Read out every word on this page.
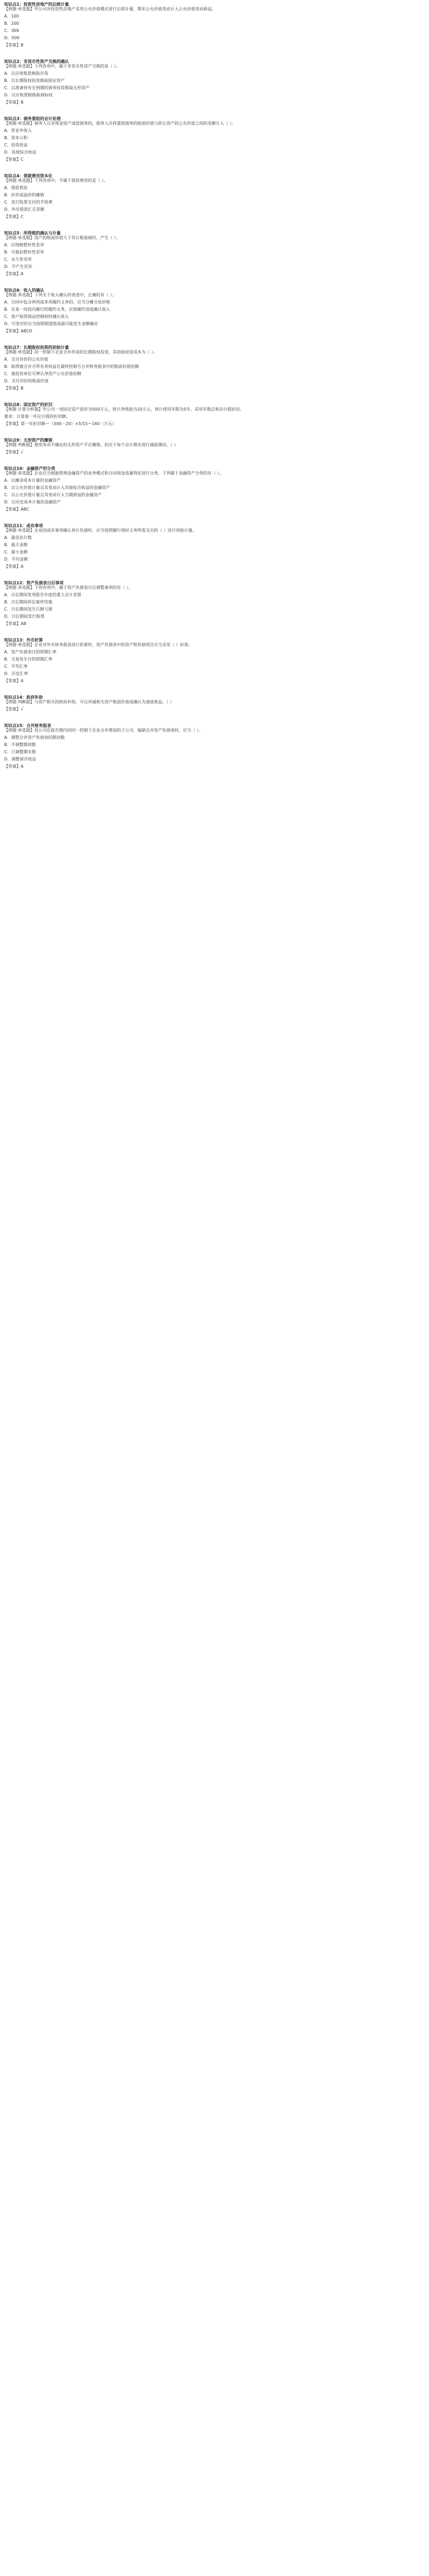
知识点1：投资性房地产的后续计量

【例题·单选题】甲公司对投资性房地产采用公允价值模式进行后续计量，期末公允价值变动计入公允价值变动损益。

A．100

B．200

C．300

D．500

【答案】B

知识点2：非货币性资产交换的确认

【例题·单选题】下列各项中，属于非货币性资产交换的是（ ）。

A．以应收账款换取存货

B．以长期股权投资换取固定资产

C．以准备持有至到期的债券投资换取无形资产

D．以应收票据换取商标权

【答案】B

知识点3：债务重组的会计处理

【例题·单选题】债务人以非现金资产清偿债务的，债务人应将重组债务的账面价值与转让资产的公允价值之间的差额计入（ ）。

A．营业外收入

B．资本公积

C．投资收益

D．其他综合收益

【答案】C

知识点4：借款费用资本化

【例题·单选题】下列各项中，不属于借款费用的是（ ）。

A．借款利息

B．折价或溢价的摊销

C．发行股票支付的手续费

D．外币借款汇兑差额

【答案】C

知识点5：所得税的确认与计量

【例题·单选题】资产的账面价值大于其计税基础时，产生（ ）。

A．应纳税暂时性差异

B．可抵扣暂时性差异

C．永久性差异

D．不产生差异

【答案】A

知识点6：收入的确认

【例题·多选题】下列关于收入确认的表述中，正确的有（ ）。

A．合同中包含两项或多项履约义务的，应当分摊交易价格

B．在某一时段内履行的履约义务，应按履约进度确认收入

C．客户取得商品控制权时确认收入

D．可变对价应当按照期望值或最可能发生金额确定

【答案】ABCD

知识点7：长期股权投资的初始计量

【例题·单选题】同一控制下企业合并形成的长期股权投资，其初始投资成本为（ ）。

A．支付对价的公允价值

B．取得被合并方所有者权益在最终控制方合并财务报表中的账面价值份额

C．被投资单位可辨认净资产公允价值份额

D．支付对价的账面价值

【答案】B

知识点8：固定资产的折旧

【例题·计算分析题】甲公司一项固定资产原价为500万元，预计净残值为20万元，预计使用年限为5年，采用年数总和法计提折旧。

要求：计算第一年应计提的折旧额。

【答案】第一年折旧额＝（500－20）×5/15＝160（万元）

知识点9：无形资产的摊销

【例题·判断题】使用寿命不确定的无形资产不应摊销，但应于每个会计期末进行减值测试。（ ）

【答案】√

知识点10：金融资产的分类

【例题·多选题】企业应当根据管理金融资产的业务模式和合同现金流量特征进行分类，下列属于金融资产分类的有（ ）。

A．以摊余成本计量的金融资产

B．以公允价值计量且其变动计入其他综合收益的金融资产

C．以公允价值计量且其变动计入当期损益的金融资产

D．以历史成本计量的金融资产

【答案】ABC

知识点11：或有事项

【例题·单选题】企业因或有事项确认预计负债时，应当按照履行现时义务所需支出的（ ）进行初始计量。

A．最佳估计数

B．最大金额

C．最小金额

D．平均金额

【答案】A

知识点12：资产负债表日后事项

【例题·多选题】下列各项中，属于资产负债表日后调整事项的有（ ）。

A．日后期间发现报告年度的重大会计差错

B．日后期间诉讼案件结案

C．日后期间发生巨额亏损

D．日后期间发行股票

【答案】AB

知识点13：外币折算

【例题·单选题】企业对外币财务报表进行折算时，资产负债表中的资产和负债项目应当采用（ ）折算。

A．资产负债表日的即期汇率

B．交易发生日的即期汇率

C．平均汇率

D．历史汇率

【答案】A

知识点14：政府补助

【例题·判断题】与资产相关的政府补助，可以冲减相关资产账面价值或确认为递延收益。（ ）

【答案】√

知识点15：合并财务报表

【例题·单选题】母公司在报告期内因同一控制下企业合并增加的子公司，编制合并资产负债表时，应当（ ）。

A．调整合并资产负债表的期初数

B．不调整期初数

C．只调整期末数

D．调整留存收益

【答案】A
